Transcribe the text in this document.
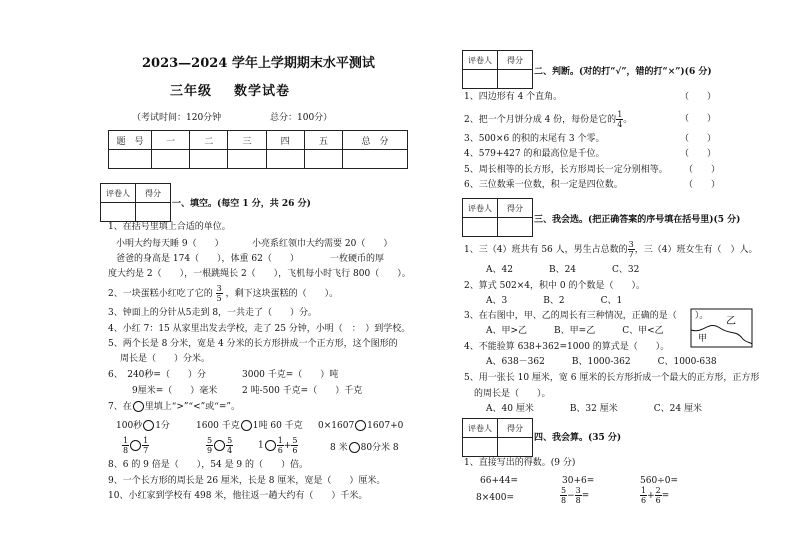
2023—2024 学年上学期期末水平测试
三年级 数学试卷
（考试时间：120分钟	总分：100分）
题　号	一	二	三	四	五	总　分

评卷人	得分

一、填空。(每空 1 分，共 26 分)
1、在括号里填上合适的单位。
小明大约每天睡 9（　　）	小亮系红领巾大约需要 20（　　）
爸爸的身高是 174（　　），体重 62（　　）	一枚硬币的厚
度大约是 2（　　），一根跳绳长 2（　　），飞机每小时飞行 800（　　）。
2、一块蛋糕小红吃了它的 $\frac{3}{5}$ ，剩下这块蛋糕的（　　）。
3、钟面上的分针从5走到 8，一共走了（　　）分。
4、小红 7：15 从家里出发去学校，走了 25 分钟，小明（　：　）到学校。
5、两个长是 8 分米，宽是 4 分米的长方形拼成一个正方形，这个图形的
周长是（　　）分米。
6、　240秒=（　　）分	3000 千克=（　　）吨
9厘米=（　　）毫米	2 吨-500 千克=（　　）千克
7、在 里填上“>”“<”或“=”。
100秒 1分	1600 千克 1吨 60 千克 0×1607 1607+0
$\frac{1}{8} \frac{1}{7}$	$\frac{5}{9} \frac{5}{4}$	$1 \frac{1}{6} + \frac{5}{6}$	8 米 80分米 8
8、6 的 9 倍是（　　），54 是 9 的（　　）倍。
9、一个长方形的周长是 26 厘米，长是 8 厘米，宽是（　　）厘米。
10、小红家到学校有 498 米，他往返一趟大约有（　　）千米。
评卷人	得分

二、判断。(对的打“√”，错的打“×”)(6 分)
1、四边形有 4 个直角。	（　　）
2、把一个月饼分成 4 份，每份是它的 $\frac{1}{4}$ 。	（　　）
3、500×6 的积的末尾有 3 个零。	（　　）
4、579+427 的和最高位是千位。	（　　）
5、周长相等的长方形，长方形周长一定分别相等。 （　　）
6、三位数乘一位数，积一定是四位数。	（　　）
评卷人	得分

三、我会选。(把正确答案的序号填在括号里)(5 分)
1、三（4）班共有 56 人，男生占总数的 $\frac{3}{7}$ ，三（4）班女生有（　）人。
A、42　　　　B、24　　　　C、32
2、算式 502×4，积中 0 的个数是（　　）。
A、3　　　　B、2　　　　C、1
3、在右图中，甲、乙的周长有三种情况，正确的是（　　）。
A、甲>乙　　　B、甲=乙　　　C、甲<乙
甲
乙
4、不能验算 638+362=1000 的算式是（　　）。
A、638－362　　　B、1000-362　　　C、1000-638
5、用一张长 10 厘米，宽 6 厘米的长方形折成一个最大的正方形，正方形
的周长是（　　）。
A、40 厘米　　　　B、32 厘米　　　　C、24 厘米
评卷人	得分

四、我会算。(35 分)
1、直接写出的得数。(9 分)
66+44=	30+6=	560÷0=
8×400=	$\frac{5}{8} - \frac{3}{8}$ =	$\frac{1}{6} + \frac{2}{6}$ =
